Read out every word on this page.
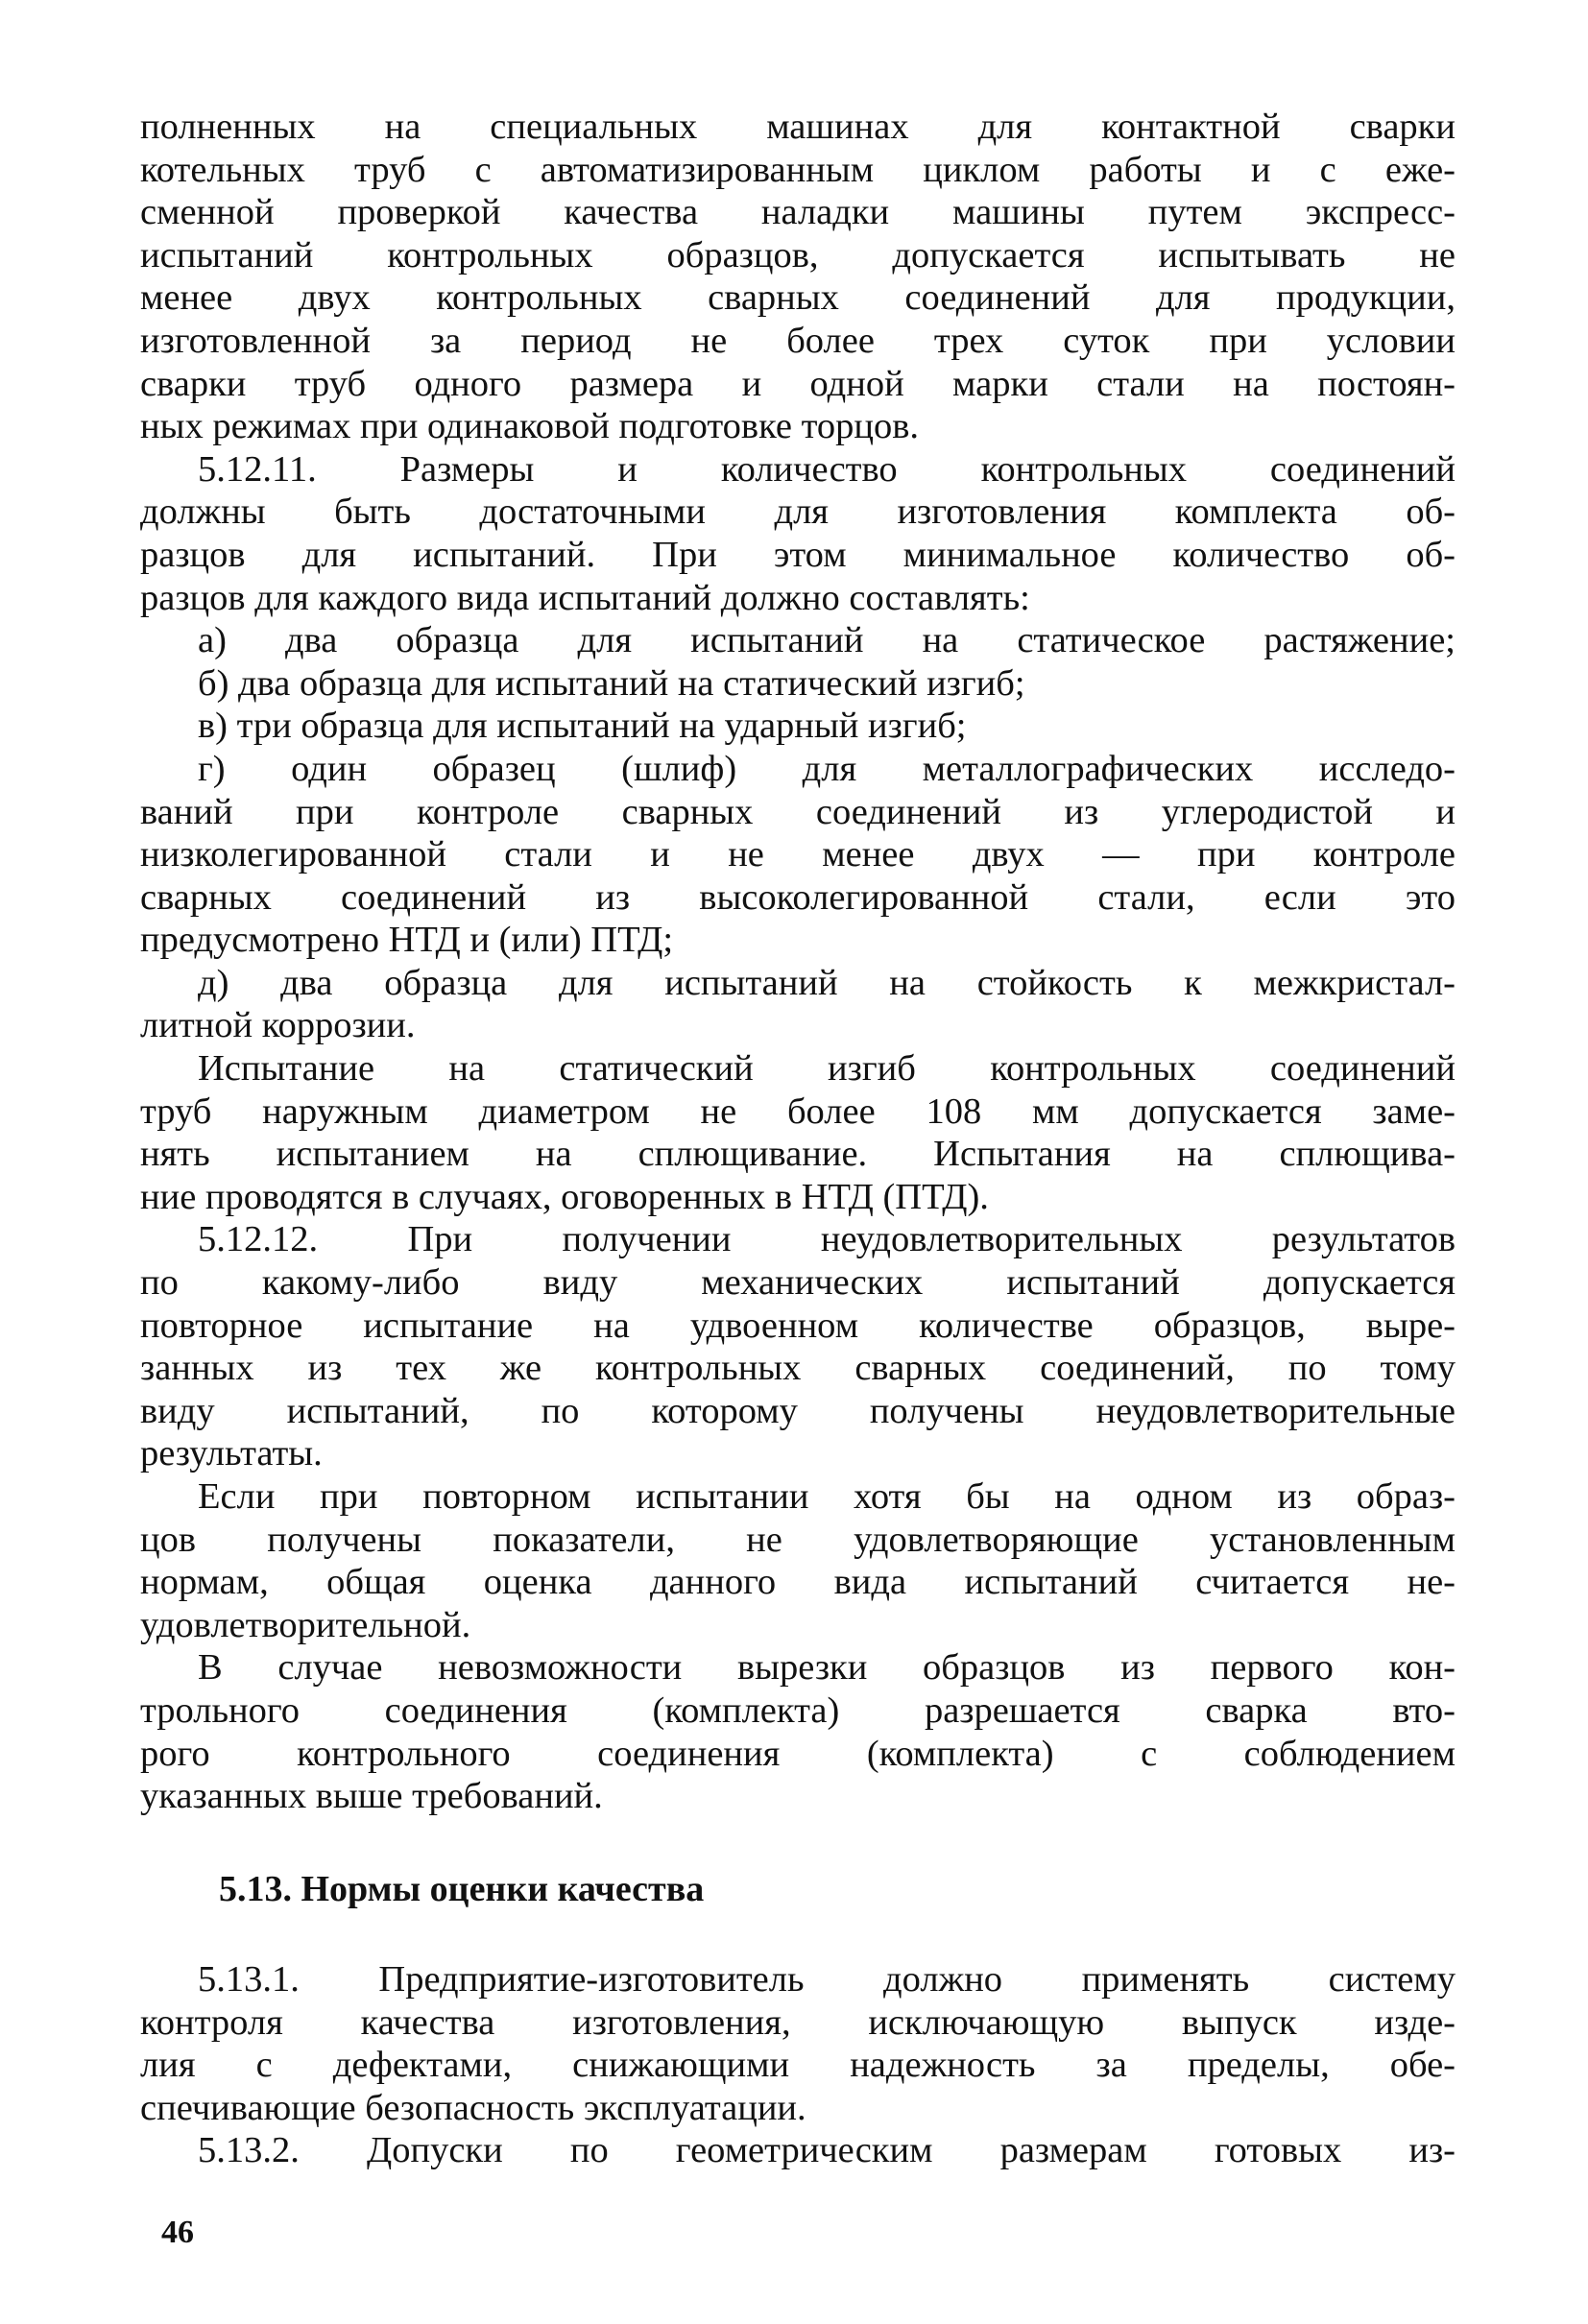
полненных на специальных машинах для контактной сварки
котельных труб с автоматизированным циклом работы и с еже-
сменной проверкой качества наладки машины путем экспресс-
испытаний контрольных образцов, допускается испытывать не
менее двух контрольных сварных соединений для продукции,
изготовленной за период не более трех суток при условии
сварки труб одного размера и одной марки стали на постоян-
ных режимах при одинаковой подготовке торцов.
5.12.11. Размеры и количество контрольных соединений
должны быть достаточными для изготовления комплекта об-
разцов для испытаний. При этом минимальное количество об-
разцов для каждого вида испытаний должно составлять:
а) два образца для испытаний на статическое растяжение;
б) два образца для испытаний на статический изгиб;
в) три образца для испытаний на ударный изгиб;
г) один образец (шлиф) для металлографических исследо-
ваний при контроле сварных соединений из углеродистой и
низколегированной стали и не менее двух — при контроле
сварных соединений из высоколегированной стали, если это
предусмотрено НТД и (или) ПТД;
д) два образца для испытаний на стойкость к межкристал-
литной коррозии.
Испытание на статический изгиб контрольных соединений
труб наружным диаметром не более 108 мм допускается заме-
нять испытанием на сплющивание. Испытания на сплющива-
ние проводятся в случаях, оговоренных в НТД (ПТД).
5.12.12. При получении неудовлетворительных результатов
по какому-либо виду механических испытаний допускается
повторное испытание на удвоенном количестве образцов, выре-
занных из тех же контрольных сварных соединений, по тому
виду испытаний, по которому получены неудовлетворительные
результаты.
Если при повторном испытании хотя бы на одном из образ-
цов получены показатели, не удовлетворяющие установленным
нормам, общая оценка данного вида испытаний считается не-
удовлетворительной.
В случае невозможности вырезки образцов из первого кон-
трольного соединения (комплекта) разрешается сварка вто-
рого контрольного соединения (комплекта) с соблюдением
указанных выше требований.
5.13. Нормы оценки качества
5.13.1. Предприятие-изготовитель должно применять систему
контроля качества изготовления, исключающую выпуск изде-
лия с дефектами, снижающими надежность за пределы, обе-
спечивающие безопасность эксплуатации.
5.13.2. Допуски по геометрическим размерам готовых из-
46
